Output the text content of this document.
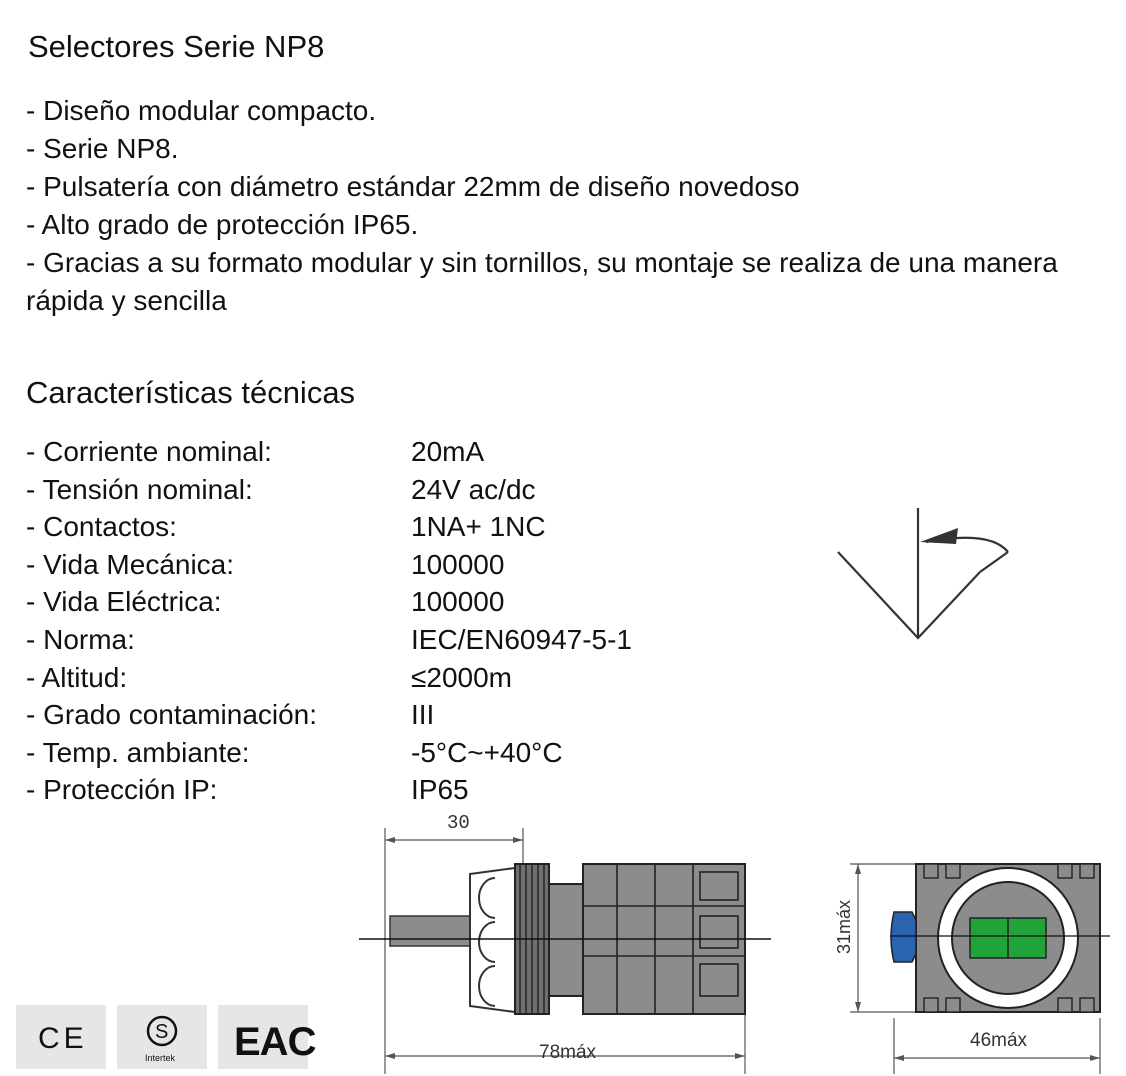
Selectores Serie NP8
- Diseño modular compacto.
- Serie NP8.
- Pulsatería con diámetro estándar 22mm de diseño novedoso
- Alto grado de protección IP65.
- Gracias a su formato modular y sin tornillos, su montaje se realiza de una manera rápida y sencilla
Características técnicas
- Corriente nominal:	20mA
- Tensión nominal:	24V ac/dc
- Contactos:	1NA+ 1NC
- Vida Mecánica:	100000
- Vida Eléctrica:	100000
- Norma:	IEC/EN60947-5-1
- Altitud:	≤2000m
- Grado contaminación:	III
- Temp. ambiante:	-5°C~+40°C
- Protección IP:	IP65
30
78máx
46máx
31máx
CE	S
Intertek EAC
